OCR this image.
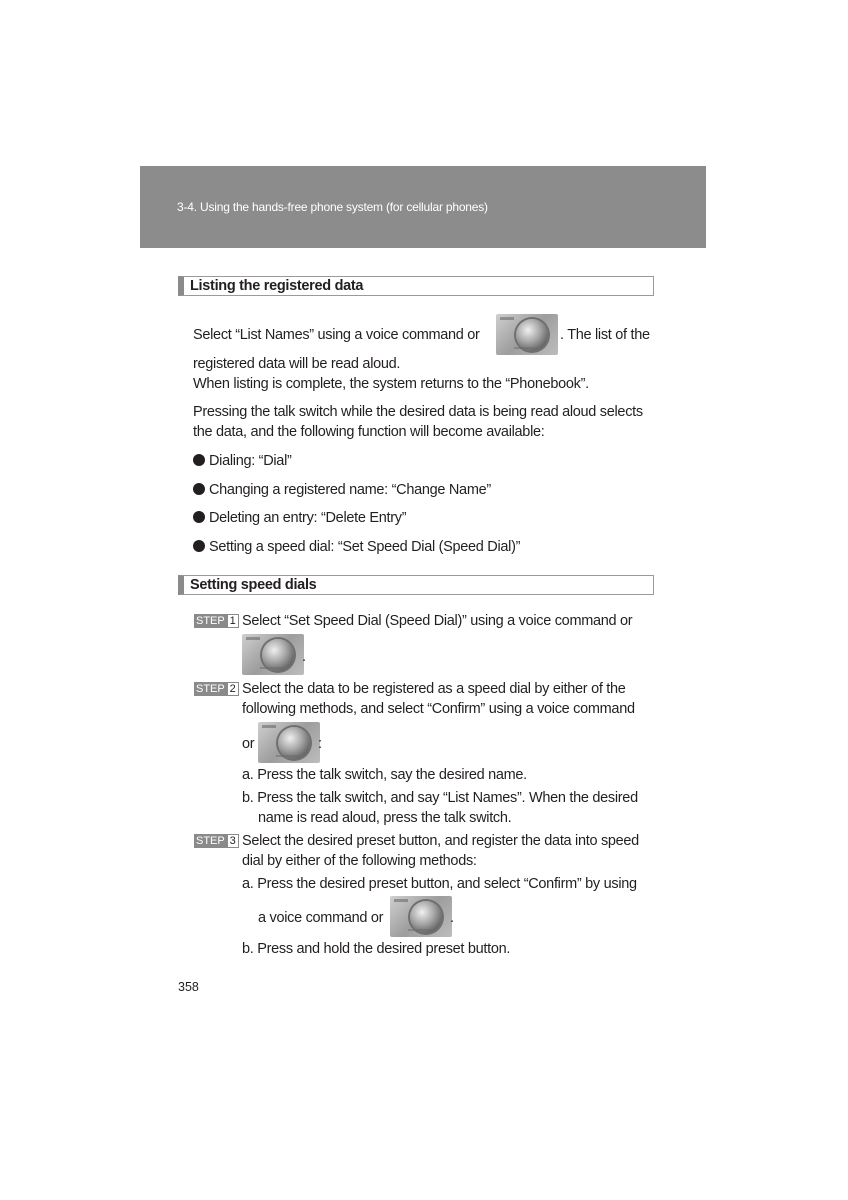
3-4. Using the hands-free phone system (for cellular phones)
Listing the registered data
Select “List Names” using a voice command or	. The list of the
registered data will be read aloud.
When listing is complete, the system returns to the “Phonebook”.
Pressing the talk switch while the desired data is being read aloud selects
the data, and the following function will become available:
Dialing: “Dial”
Changing a registered name: “Change Name”
Deleting an entry: “Delete Entry”
Setting a speed dial: “Set Speed Dial (Speed Dial)”
Setting speed dials
STEP 1 Select “Set Speed Dial (Speed Dial)” using a voice command or
.
STEP 2 Select the data to be registered as a speed dial by either of the
following methods, and select “Confirm” using a voice command
or	:
a. Press the talk switch, say the desired name.
b. Press the talk switch, and say “List Names”. When the desired
name is read aloud, press the talk switch.
STEP 3 Select the desired preset button, and register the data into speed
dial by either of the following methods:
a. Press the desired preset button, and select “Confirm” by using
a voice command or	.
b. Press and hold the desired preset button.
358
